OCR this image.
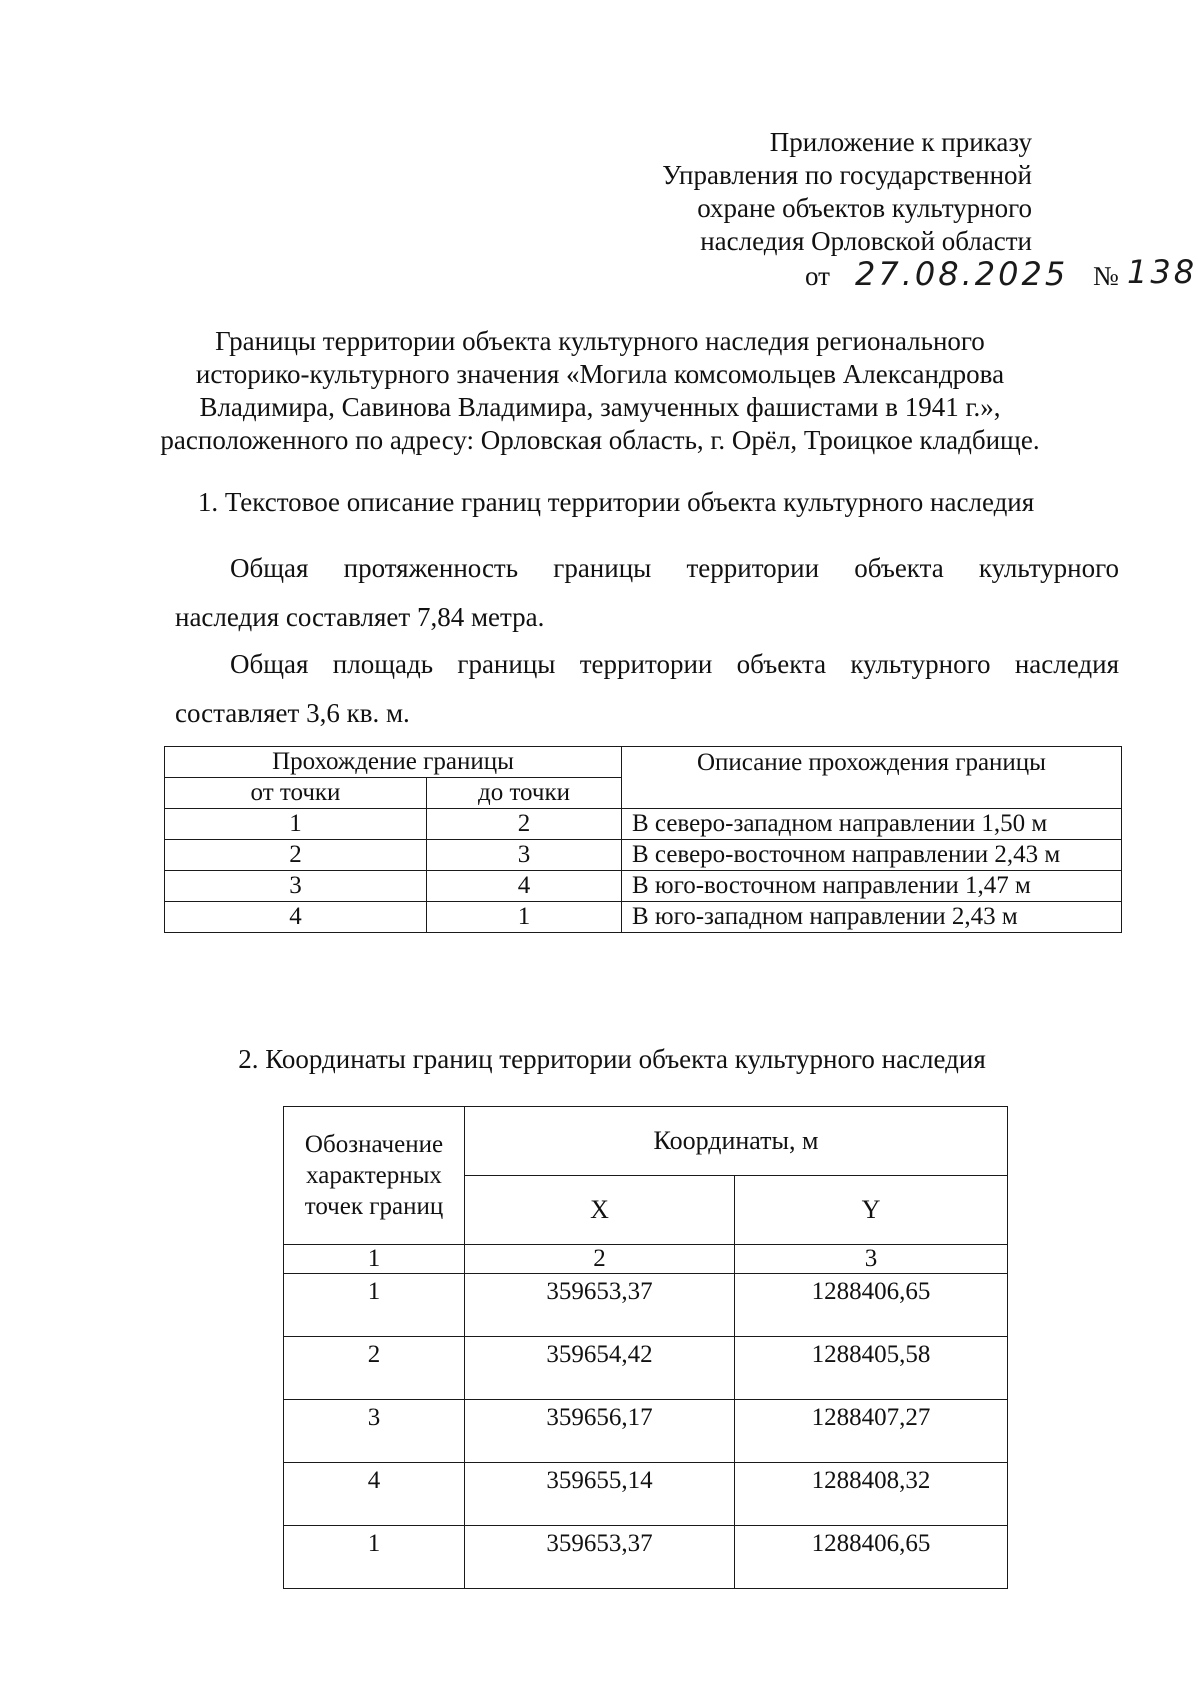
Приложение к приказу
Управления по государственной
охране объектов культурного
наследия Орловской области
от 27.08.2025 № 138
Границы территории объекта культурного наследия регионального
историко-культурного значения «Могила комсомольцев Александрова
Владимира, Савинова Владимира, замученных фашистами в 1941 г.»,
расположенного по адресу: Орловская область, г. Орёл, Троицкое кладбище.
1. Текстовое описание границ территории объекта культурного наследия
Общая протяженность границы территории объекта культурного
наследия составляет 7,84 метра.
Общая площадь границы территории объекта культурного наследия
составляет 3,6 кв. м.
Прохождение границы		Описание прохождения границы
от точки	до точки	
1	2	В северо-западном направлении 1,50 м
2	3	В северо-восточном направлении 2,43 м
3	4	В юго-восточном направлении 1,47 м
4	1	В юго-западном направлении 2,43 м
2. Координаты границ территории объекта культурного наследия
Обозначение характерных точек границ	Координаты, м	
	X	Y
1	2	3
1	359653,37	1288406,65
2	359654,42	1288405,58
3	359656,17	1288407,27
4	359655,14	1288408,32
1	359653,37	1288406,65
